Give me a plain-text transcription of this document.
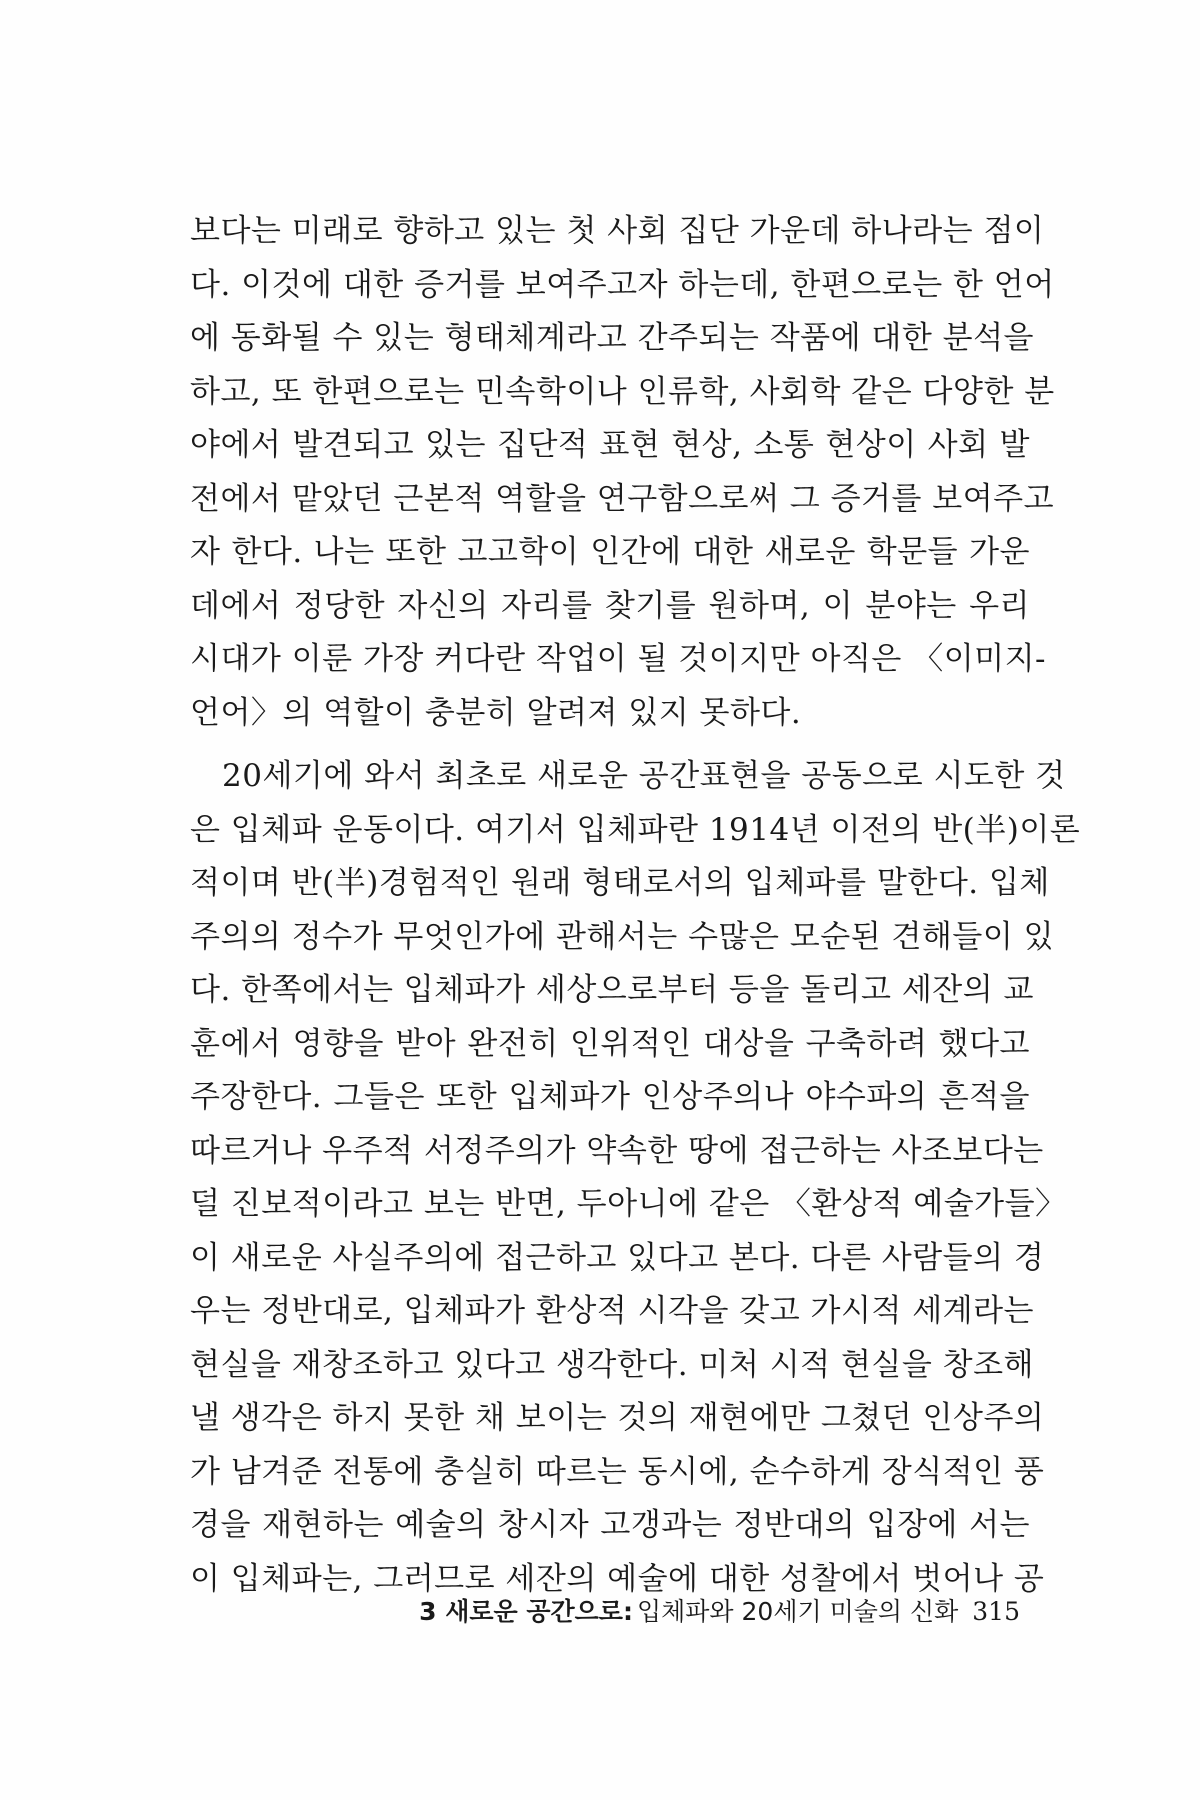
보다는 미래로 향하고 있는 첫 사회 집단 가운데 하나라는 점이
다. 이것에 대한 증거를 보여주고자 하는데, 한편으로는 한 언어
에 동화될 수 있는 형태체계라고 간주되는 작품에 대한 분석을
하고, 또 한편으로는 민속학이나 인류학, 사회학 같은 다양한 분
야에서 발견되고 있는 집단적 표현 현상, 소통 현상이 사회 발
전에서 맡았던 근본적 역할을 연구함으로써 그 증거를 보여주고
자 한다. 나는 또한 고고학이 인간에 대한 새로운 학문들 가운
데에서 정당한 자신의 자리를 찾기를 원하며, 이 분야는 우리
시대가 이룬 가장 커다란 작업이 될 것이지만 아직은 〈이미지-
언어〉의 역할이 충분히 알려져 있지 못하다.
20세기에 와서 최초로 새로운 공간표현을 공동으로 시도한 것
은 입체파 운동이다. 여기서 입체파란 1914년 이전의 반(半)이론
적이며 반(半)경험적인 원래 형태로서의 입체파를 말한다. 입체
주의의 정수가 무엇인가에 관해서는 수많은 모순된 견해들이 있
다. 한쪽에서는 입체파가 세상으로부터 등을 돌리고 세잔의 교
훈에서 영향을 받아 완전히 인위적인 대상을 구축하려 했다고
주장한다. 그들은 또한 입체파가 인상주의나 야수파의 흔적을
따르거나 우주적 서정주의가 약속한 땅에 접근하는 사조보다는
덜 진보적이라고 보는 반면, 두아니에 같은 〈환상적 예술가들〉
이 새로운 사실주의에 접근하고 있다고 본다. 다른 사람들의 경
우는 정반대로, 입체파가 환상적 시각을 갖고 가시적 세계라는
현실을 재창조하고 있다고 생각한다. 미처 시적 현실을 창조해
낼 생각은 하지 못한 채 보이는 것의 재현에만 그쳤던 인상주의
가 남겨준 전통에 충실히 따르는 동시에, 순수하게 장식적인 풍
경을 재현하는 예술의 창시자 고갱과는 정반대의 입장에 서는
이 입체파는, 그러므로 세잔의 예술에 대한 성찰에서 벗어나 공
3 새로운 공간으로: 입체파와 20세기 미술의 신화 315
